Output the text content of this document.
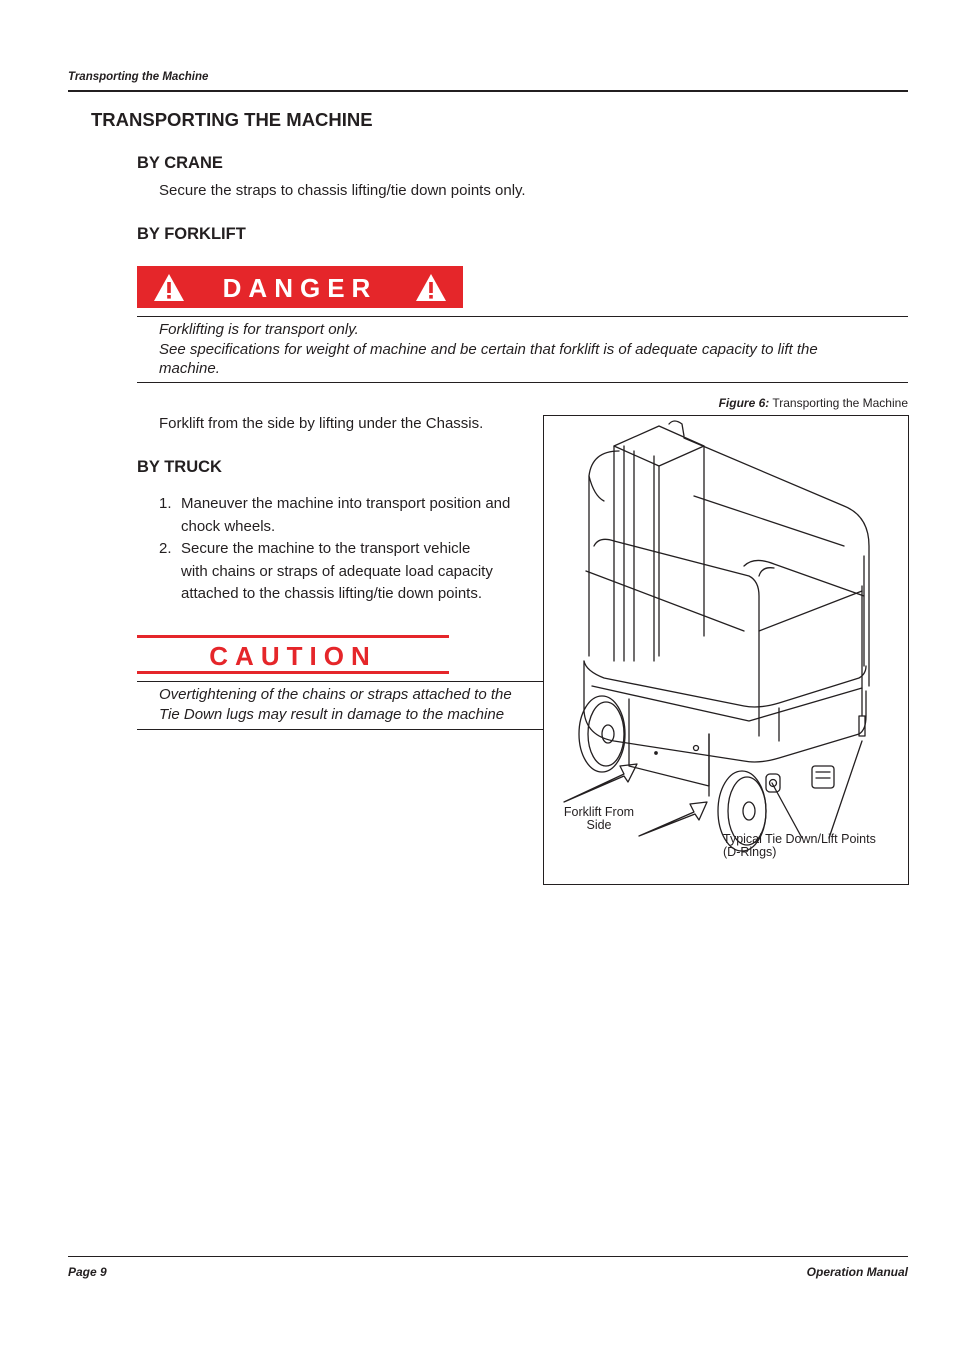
Transporting the Machine
TRANSPORTING THE MACHINE
BY CRANE
Secure the straps to chassis lifting/tie down points only.
BY FORKLIFT
DANGER
Forklifting is for transport only.
See specifications for weight of machine and be certain that forklift is of adequate capacity to lift the
machine.
Forklift from the side by lifting under the Chassis.
BY TRUCK
1. Maneuver the machine into transport position and
chock wheels.
2. Secure the machine to the transport vehicle
with chains or straps of adequate load capacity
attached to the chassis lifting/tie down points.
CAUTION
Overtightening of the chains or straps attached to the
Tie Down lugs may result in damage to the machine
Figure 6: Transporting the Machine
Forklift From
Side
Typical Tie Down/Lift Points
(D-Rings)
Page 9	Operation Manual
